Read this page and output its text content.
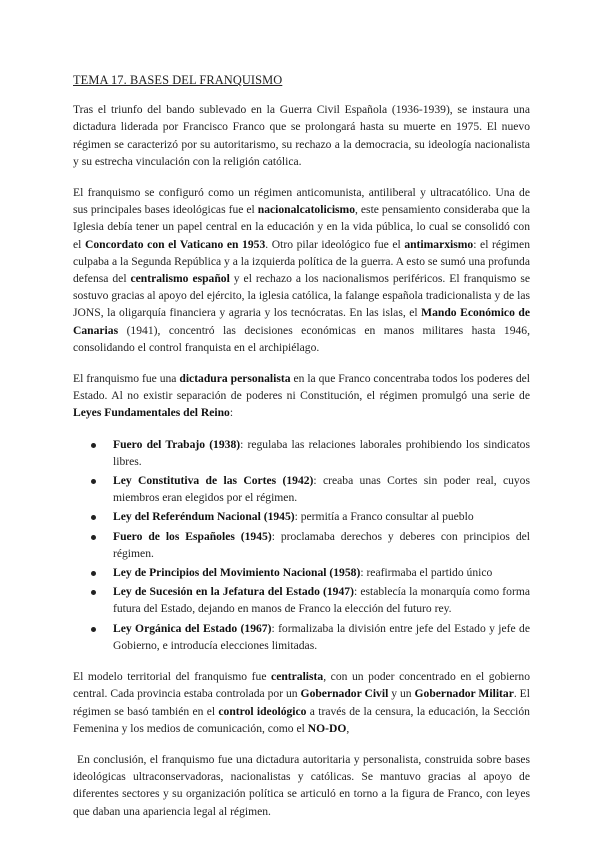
TEMA 17. BASES DEL FRANQUISMO

Tras el triunfo del bando sublevado en la Guerra Civil Española (1936-1939), se instaura una dictadura liderada por Francisco Franco que se prolongará hasta su muerte en 1975. El nuevo régimen se caracterizó por su autoritarismo, su rechazo a la democracia, su ideología nacionalista y su estrecha vinculación con la religión católica.

El franquismo se configuró como un régimen anticomunista, antiliberal y ultracatólico. Una de sus principales bases ideológicas fue el nacionalcatolicismo, este pensamiento consideraba que la Iglesia debía tener un papel central en la educación y en la vida pública, lo cual se consolidó con el Concordato con el Vaticano en 1953. Otro pilar ideológico fue el antimarxismo: el régimen culpaba a la Segunda República y a la izquierda política de la guerra. A esto se sumó una profunda defensa del centralismo español y el rechazo a los nacionalismos periféricos. El franquismo se sostuvo gracias al apoyo del ejército, la iglesia católica, la falange española tradicionalista y de las JONS, la oligarquía financiera y agraria y los tecnócratas. En las islas, el Mando Económico de Canarias (1941), concentró las decisiones económicas en manos militares hasta 1946, consolidando el control franquista en el archipiélago.

El franquismo fue una dictadura personalista en la que Franco concentraba todos los poderes del Estado. Al no existir separación de poderes ni Constitución, el régimen promulgó una serie de Leyes Fundamentales del Reino:

Fuero del Trabajo (1938): regulaba las relaciones laborales prohibiendo los sindicatos libres.
Ley Constitutiva de las Cortes (1942): creaba unas Cortes sin poder real, cuyos miembros eran elegidos por el régimen.
Ley del Referéndum Nacional (1945): permitía a Franco consultar al pueblo
Fuero de los Españoles (1945): proclamaba derechos y deberes con principios del régimen.
Ley de Principios del Movimiento Nacional (1958): reafirmaba el partido único
Ley de Sucesión en la Jefatura del Estado (1947): establecía la monarquía como forma futura del Estado, dejando en manos de Franco la elección del futuro rey.
Ley Orgánica del Estado (1967): formalizaba la división entre jefe del Estado y jefe de Gobierno, e introducía elecciones limitadas.

El modelo territorial del franquismo fue centralista, con un poder concentrado en el gobierno central. Cada provincia estaba controlada por un Gobernador Civil y un Gobernador Militar. El régimen se basó también en el control ideológico a través de la censura, la educación, la Sección Femenina y los medios de comunicación, como el NO-DO,

En conclusión, el franquismo fue una dictadura autoritaria y personalista, construida sobre bases ideológicas ultraconservadoras, nacionalistas y católicas. Se mantuvo gracias al apoyo de diferentes sectores y su organización política se articuló en torno a la figura de Franco, con leyes que daban una apariencia legal al régimen.
